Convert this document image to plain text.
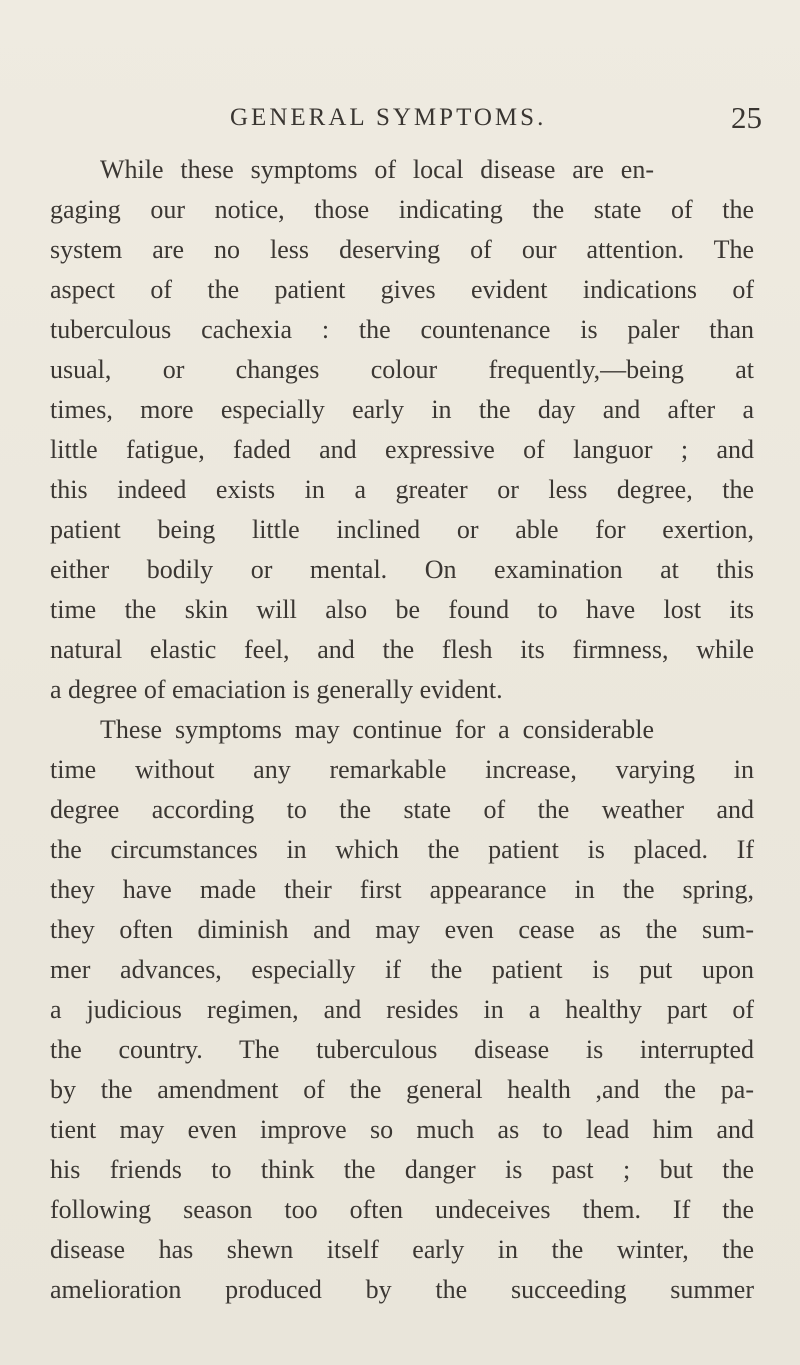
GENERAL SYMPTOMS.	25
While these symptoms of local disease are en-
gaging our notice, those indicating the state of the
system are no less deserving of our attention. The
aspect of the patient gives evident indications of
tuberculous cachexia : the countenance is paler than
usual, or changes colour frequently,—being at
times, more especially early in the day and after a
little fatigue, faded and expressive of languor ; and
this indeed exists in a greater or less degree, the
patient being little inclined or able for exertion,
either bodily or mental. On examination at this
time the skin will also be found to have lost its
natural elastic feel, and the flesh its firmness, while
a degree of emaciation is generally evident.
These symptoms may continue for a considerable
time without any remarkable increase, varying in
degree according to the state of the weather and
the circumstances in which the patient is placed. If
they have made their first appearance in the spring,
they often diminish and may even cease as the sum-
mer advances, especially if the patient is put upon
a judicious regimen, and resides in a healthy part of
the country. The tuberculous disease is interrupted
by the amendment of the general health ,and the pa-
tient may even improve so much as to lead him and
his friends to think the danger is past ; but the
following season too often undeceives them. If the
disease has shewn itself early in the winter, the
amelioration produced by the succeeding summer
